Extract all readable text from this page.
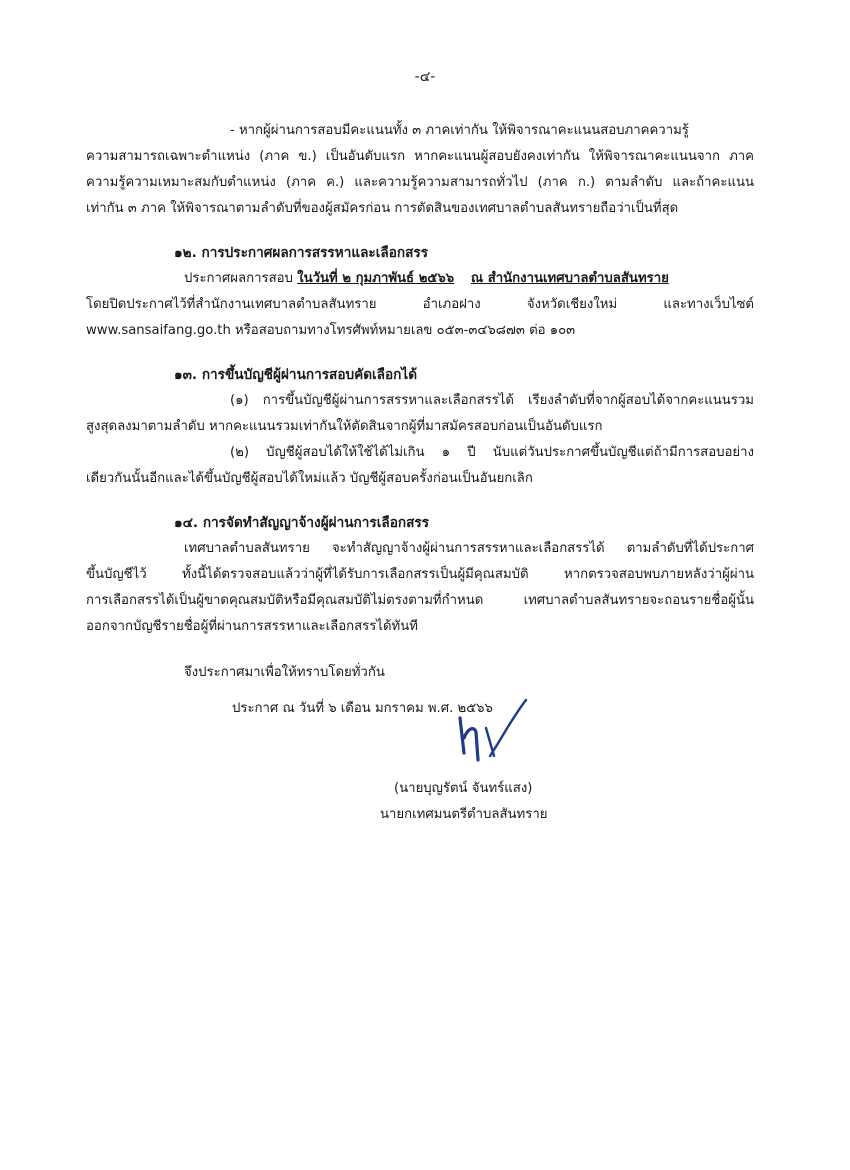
-๔-
- หากผู้ผ่านการสอบมีคะแนนทั้ง ๓ ภาคเท่ากัน ให้พิจารณาคะแนนสอบภาคความรู้
ความสามารถเฉพาะตำแหน่ง (ภาค ข.) เป็นอันดับแรก หากคะแนนผู้สอบยังคงเท่ากัน ให้พิจารณาคะแนนจาก ภาค
ความรู้ความเหมาะสมกับตำแหน่ง (ภาค ค.) และความรู้ความสามารถทั่วไป (ภาค ก.) ตามลำดับ และถ้าคะแนน
เท่ากัน ๓ ภาค ให้พิจารณาตามลำดับที่ของผู้สมัครก่อน การตัดสินของเทศบาลตำบลสันทรายถือว่าเป็นที่สุด
๑๒. การประกาศผลการสรรหาและเลือกสรร
ประกาศผลการสอบ ในวันที่ ๒ กุมภาพันธ์ ๒๕๖๖ ณ สำนักงานเทศบาลตำบลสันทราย
โดยปิดประกาศไว้ที่สำนักงานเทศบาลตำบลสันทราย อำเภอฝาง จังหวัดเชียงใหม่ และทางเว็บไซต์
www.sansaifang.go.th หรือสอบถามทางโทรศัพท์หมายเลข ๐๕๓-๓๔๖๘๗๓ ต่อ ๑๐๓
๑๓. การขึ้นบัญชีผู้ผ่านการสอบคัดเลือกได้
(๑) การขึ้นบัญชีผู้ผ่านการสรรหาและเลือกสรรได้ เรียงลำดับที่จากผู้สอบได้จากคะแนนรวม
สูงสุดลงมาตามลำดับ หากคะแนนรวมเท่ากันให้ตัดสินจากผู้ที่มาสมัครสอบก่อนเป็นอันดับแรก
(๒) บัญชีผู้สอบได้ให้ใช้ได้ไม่เกิน ๑ ปี นับแต่วันประกาศขึ้นบัญชีแต่ถ้ามีการสอบอย่าง
เดียวกันนั้นอีกและได้ขึ้นบัญชีผู้สอบได้ใหม่แล้ว บัญชีผู้สอบครั้งก่อนเป็นอันยกเลิก
๑๔. การจัดทำสัญญาจ้างผู้ผ่านการเลือกสรร
เทศบาลตำบลสันทราย จะทำสัญญาจ้างผู้ผ่านการสรรหาและเลือกสรรได้ ตามลำดับที่ได้ประกาศ
ขึ้นบัญชีไว้ ทั้งนี้ได้ตรวจสอบแล้วว่าผู้ที่ได้รับการเลือกสรรเป็นผู้มีคุณสมบัติ หากตรวจสอบพบภายหลังว่าผู้ผ่าน
การเลือกสรรได้เป็นผู้ขาดคุณสมบัติหรือมีคุณสมบัติไม่ตรงตามที่กำหนด เทศบาลตำบลสันทรายจะถอนรายชื่อผู้นั้น
ออกจากบัญชีรายชื่อผู้ที่ผ่านการสรรหาและเลือกสรรได้ทันที
จึงประกาศมาเพื่อให้ทราบโดยทั่วกัน
ประกาศ ณ วันที่ ๖ เดือน มกราคม พ.ศ. ๒๕๖๖
(นายบุญรัตน์ จันทร์แสง)
นายกเทศมนตรีตำบลสันทราย
